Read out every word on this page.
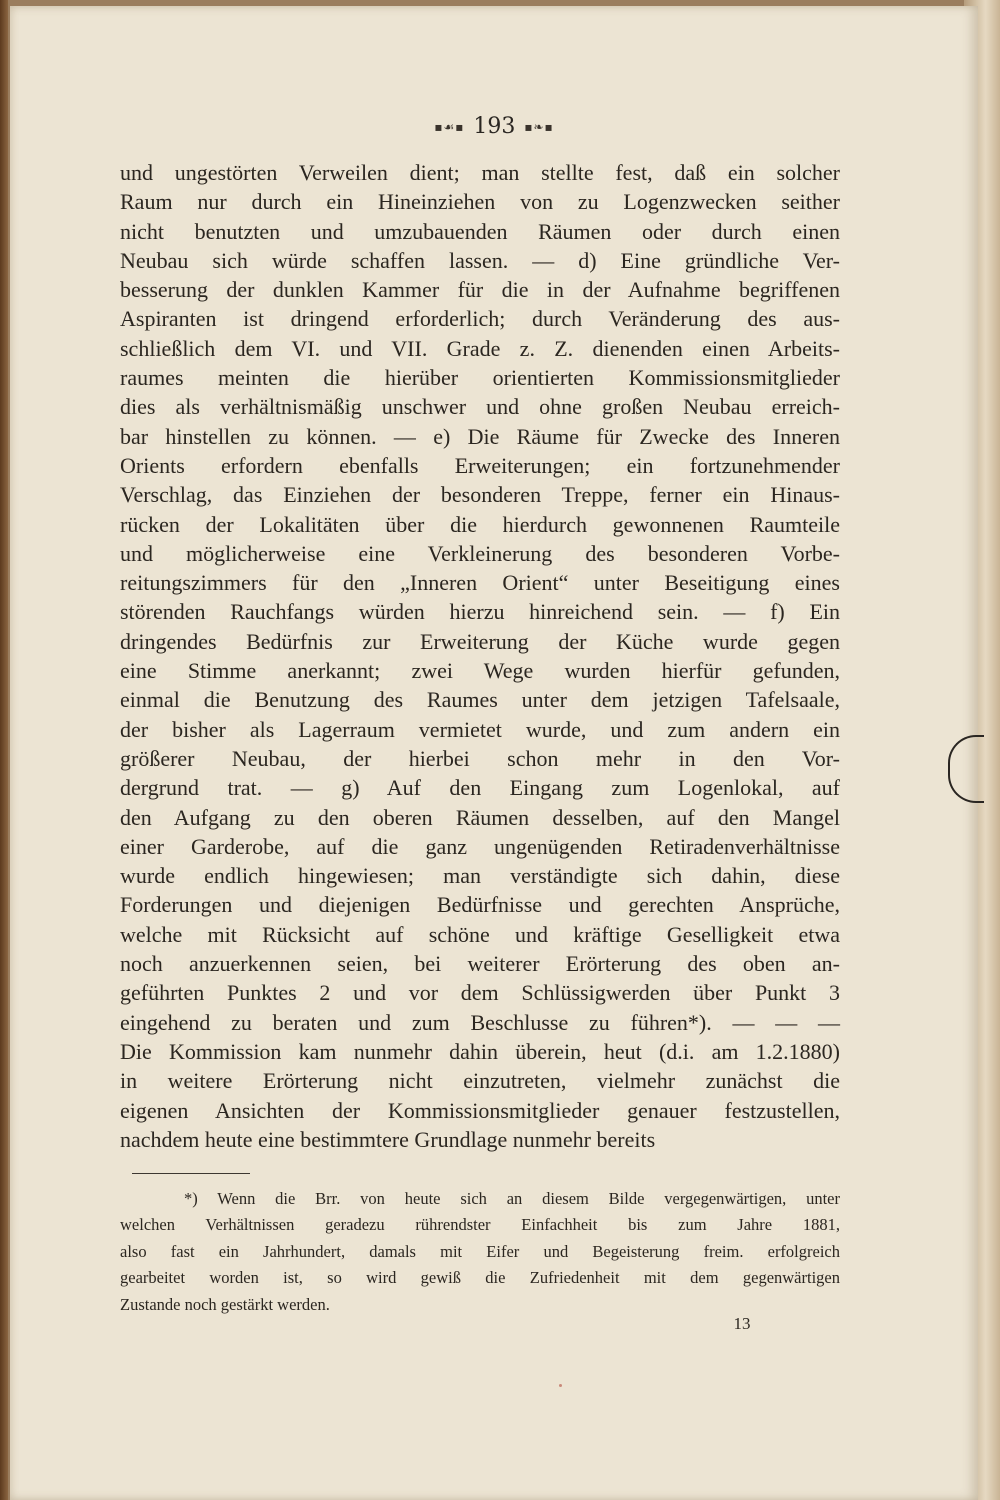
▪☙▪ 193 ▪❧▪
und ungestörten Verweilen dient; man stellte fest, daß ein solcher
Raum nur durch ein Hineinziehen von zu Logenzwecken seither
nicht benutzten und umzubauenden Räumen oder durch einen
Neubau sich würde schaffen lassen. — d) Eine gründliche Ver-
besserung der dunklen Kammer für die in der Aufnahme begriffenen
Aspiranten ist dringend erforderlich; durch Veränderung des aus-
schließlich dem VI. und VII. Grade z. Z. dienenden einen Arbeits-
raumes meinten die hierüber orientierten Kommissionsmitglieder
dies als verhältnismäßig unschwer und ohne großen Neubau erreich-
bar hinstellen zu können. — e) Die Räume für Zwecke des Inneren
Orients erfordern ebenfalls Erweiterungen; ein fortzunehmender
Verschlag, das Einziehen der besonderen Treppe, ferner ein Hinaus-
rücken der Lokalitäten über die hierdurch gewonnenen Raumteile
und möglicherweise eine Verkleinerung des besonderen Vorbe-
reitungszimmers für den „Inneren Orient“ unter Beseitigung eines
störenden Rauchfangs würden hierzu hinreichend sein. — f) Ein
dringendes Bedürfnis zur Erweiterung der Küche wurde gegen
eine Stimme anerkannt; zwei Wege wurden hierfür gefunden,
einmal die Benutzung des Raumes unter dem jetzigen Tafelsaale,
der bisher als Lagerraum vermietet wurde, und zum andern ein
größerer Neubau, der hierbei schon mehr in den Vor-
dergrund trat. — g) Auf den Eingang zum Logenlokal, auf
den Aufgang zu den oberen Räumen desselben, auf den Mangel
einer Garderobe, auf die ganz ungenügenden Retiradenverhältnisse
wurde endlich hingewiesen; man verständigte sich dahin, diese
Forderungen und diejenigen Bedürfnisse und gerechten Ansprüche,
welche mit Rücksicht auf schöne und kräftige Geselligkeit etwa
noch anzuerkennen seien, bei weiterer Erörterung des oben an-
geführten Punktes 2 und vor dem Schlüssigwerden über Punkt 3
eingehend zu beraten und zum Beschlusse zu führen*). — — —
Die Kommission kam nunmehr dahin überein, heut (d.i. am 1.2.1880)
in weitere Erörterung nicht einzutreten, vielmehr zunächst die
eigenen Ansichten der Kommissionsmitglieder genauer festzustellen,
nachdem heute eine bestimmtere Grundlage nunmehr bereits
*) Wenn die Brr. von heute sich an diesem Bilde vergegenwärtigen, unter
welchen Verhältnissen geradezu rührendster Einfachheit bis zum Jahre 1881,
also fast ein Jahrhundert, damals mit Eifer und Begeisterung freim. erfolgreich
gearbeitet worden ist, so wird gewiß die Zufriedenheit mit dem gegenwärtigen
Zustande noch gestärkt werden.
13
